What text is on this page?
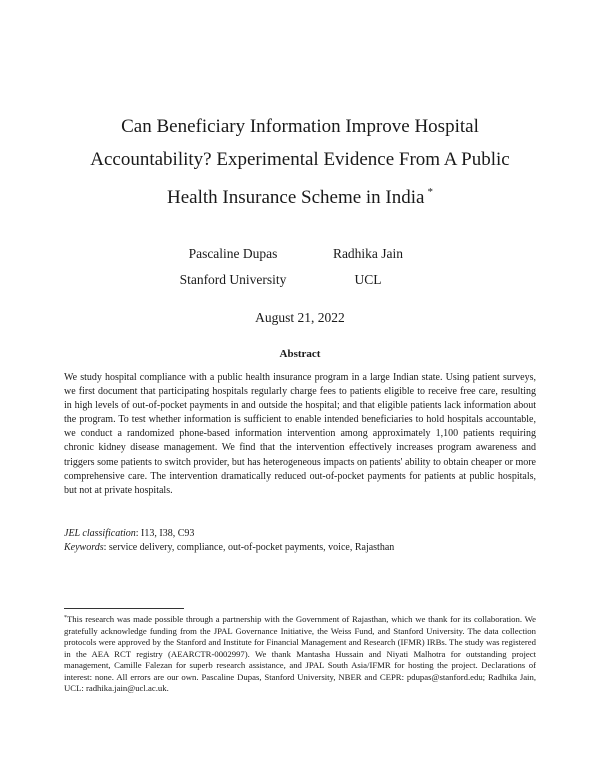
Can Beneficiary Information Improve Hospital
Accountability? Experimental Evidence From A Public
Health Insurance Scheme in India *
Pascaline Dupas
Stanford University
Radhika Jain
UCL
August 21, 2022
Abstract
We study hospital compliance with a public health insurance program in a large Indian state. Using patient surveys, we first document that participating hospitals regularly charge fees to patients eligible to receive free care, resulting in high levels of out-of-pocket payments in and outside the hospital; and that eligible patients lack information about the program. To test whether information is sufficient to enable intended beneficiaries to hold hospitals accountable, we conduct a randomized phone-based information intervention among approximately 1,100 patients requiring chronic kidney disease management. We find that the intervention effectively increases program awareness and triggers some patients to switch provider, but has heterogeneous impacts on patients' ability to obtain cheaper or more comprehensive care. The intervention dramatically reduced out-of-pocket payments for patients at public hospitals, but not at private hospitals.
JEL classification: I13, I38, C93
Keywords: service delivery, compliance, out-of-pocket payments, voice, Rajasthan
*This research was made possible through a partnership with the Government of Rajasthan, which we thank for its collaboration. We gratefully acknowledge funding from the JPAL Governance Initiative, the Weiss Fund, and Stanford University. The data collection protocols were approved by the Stanford and Institute for Financial Management and Research (IFMR) IRBs. The study was registered in the AEA RCT registry (AEARCTR-0002997). We thank Mantasha Hussain and Niyati Malhotra for outstanding project management, Camille Falezan for superb research assistance, and JPAL South Asia/IFMR for hosting the project. Declarations of interest: none. All errors are our own. Pascaline Dupas, Stanford University, NBER and CEPR: pdupas@stanford.edu; Radhika Jain, UCL: radhika.jain@ucl.ac.uk.
